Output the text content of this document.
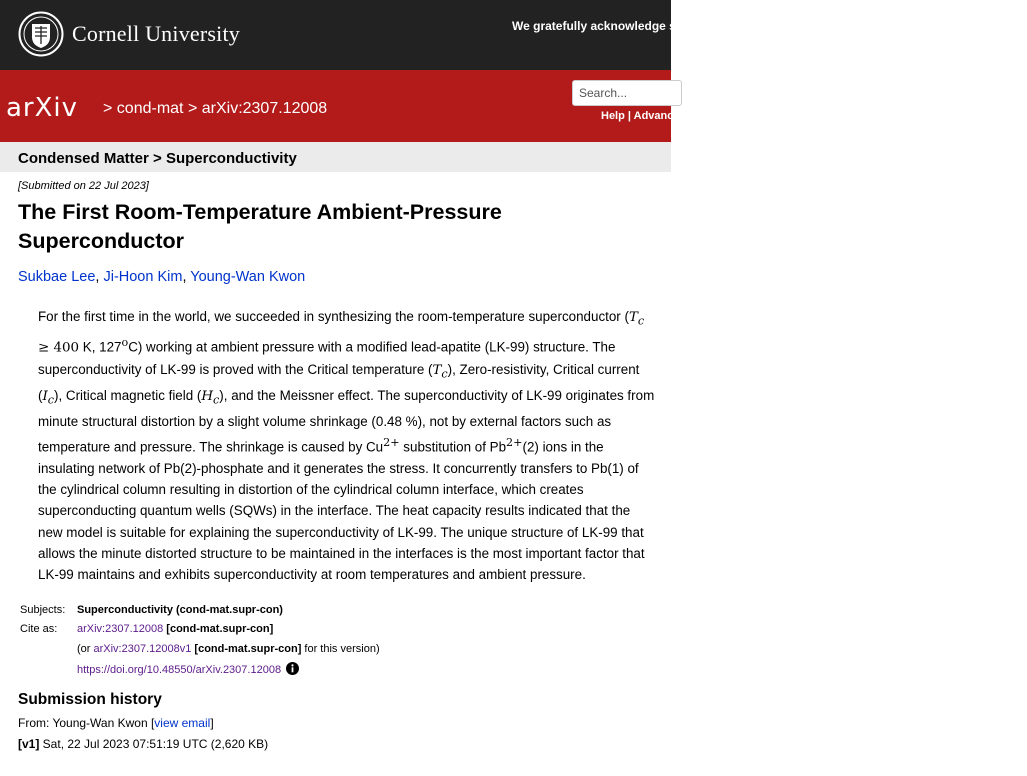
Cornell University	We gratefully acknowledge support from the Simons Foundation and member institutions.
arXiv > cond-mat > arXiv:2307.12008
Search...	Help | Advanced Search
Condensed Matter > Superconductivity
[Submitted on 22 Jul 2023]
The First Room-Temperature Ambient-Pressure Superconductor
Sukbae Lee, Ji-Hoon Kim, Young-Wan Kwon

For the first time in the world, we succeeded in synthesizing the room-temperature superconductor ($T_c \ge 400$ K, 127$^o$C) working at ambient pressure with a modified lead-apatite (LK-99) structure. The superconductivity of LK-99 is proved with the Critical temperature $(T_c)$, Zero-resistivity, Critical current $(I_c)$, Critical magnetic field $(H_c)$, and the Meissner effect. The superconductivity of LK-99 originates from minute structural distortion by a slight volume shrinkage (0.48 %), not by external factors such as temperature and pressure. The shrinkage is caused by $Cu^{2+}$ substitution of $Pb^{2+}(2)$ ions in the insulating network of Pb(2)-phosphate and it generates the stress. It concurrently transfers to Pb(1) of the cylindrical column resulting in distortion of the cylindrical column interface, which creates superconducting quantum wells (SQWs) in the interface. The heat capacity results indicated that the new model is suitable for explaining the superconductivity of LK-99. The unique structure of LK-99 that allows the minute distorted structure to be maintained in the interfaces is the most important factor that LK-99 maintains and exhibits superconductivity at room temperatures and ambient pressure.

Subjects:	Superconductivity (cond-mat.supr-con)
Cite as:	arXiv:2307.12008 [cond-mat.supr-con]
(or arXiv:2307.12008v1 [cond-mat.supr-con] for this version)
https://doi.org/10.48550/arXiv.2307.12008
Submission history
From: Young-Wan Kwon [view email]
[v1] Sat, 22 Jul 2023 07:51:19 UTC (2,620 KB)
